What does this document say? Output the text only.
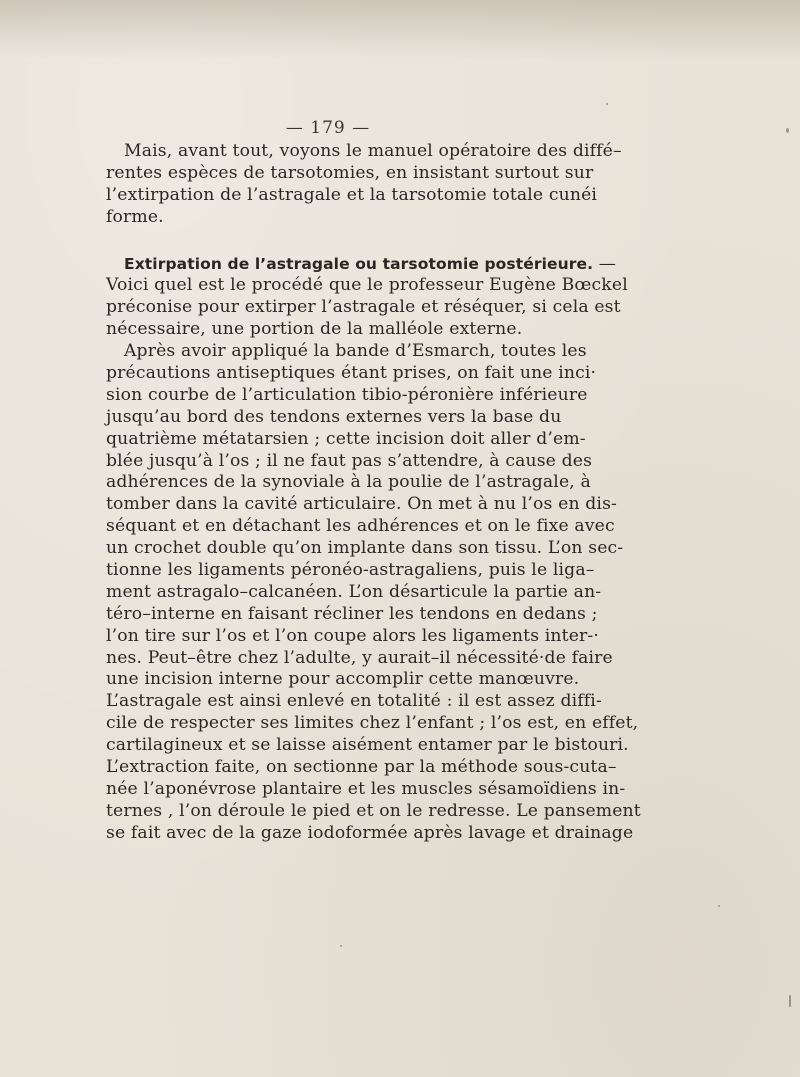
— 179 —
Mais, avant tout, voyons le manuel opératoire des diffé–
rentes espèces de tarsotomies, en insistant surtout sur
l’extirpation de l’astragale et la tarsotomie totale cunéi
forme.
Extirpation de l’astragale ou tarsotomie postérieure. —
Voici quel est le procédé que le professeur Eugène Bœckel
préconise pour extirper l’astragale et réséquer, si cela est
nécessaire, une portion de la malléole externe.
Après avoir appliqué la bande d’Esmarch, toutes les
précautions antiseptiques étant prises, on fait une inci·
sion courbe de l’articulation tibio-péronière inférieure
jusqu’au bord des tendons externes vers la base du
quatrième métatarsien ; cette incision doit aller d’em-
blée jusqu’à l’os ; il ne faut pas s’attendre, à cause des
adhérences de la synoviale à la poulie de l’astragale, à
tomber dans la cavité articulaire. On met à nu l’os en dis-
séquant et en détachant les adhérences et on le fixe avec
un crochet double qu’on implante dans son tissu. L’on sec-
tionne les ligaments péronéo-astragaliens, puis le liga–
ment astragalo–calcanéen. L’on désarticule la partie an-
téro–interne en faisant récliner les tendons en dedans ;
l’on tire sur l’os et l’on coupe alors les ligaments inter-·
nes. Peut–être chez l’adulte, y aurait–il nécessité·de faire
une incision interne pour accomplir cette manœuvre.
L’astragale est ainsi enlevé en totalité : il est assez diffi-
cile de respecter ses limites chez l’enfant ; l’os est, en effet,
cartilagineux et se laisse aisément entamer par le bistouri.
L’extraction faite, on sectionne par la méthode sous-cuta–
née l’aponévrose plantaire et les muscles sésamoïdiens in-
ternes , l’on déroule le pied et on le redresse. Le pansement
se fait avec de la gaze iodoformée après lavage et drainage
